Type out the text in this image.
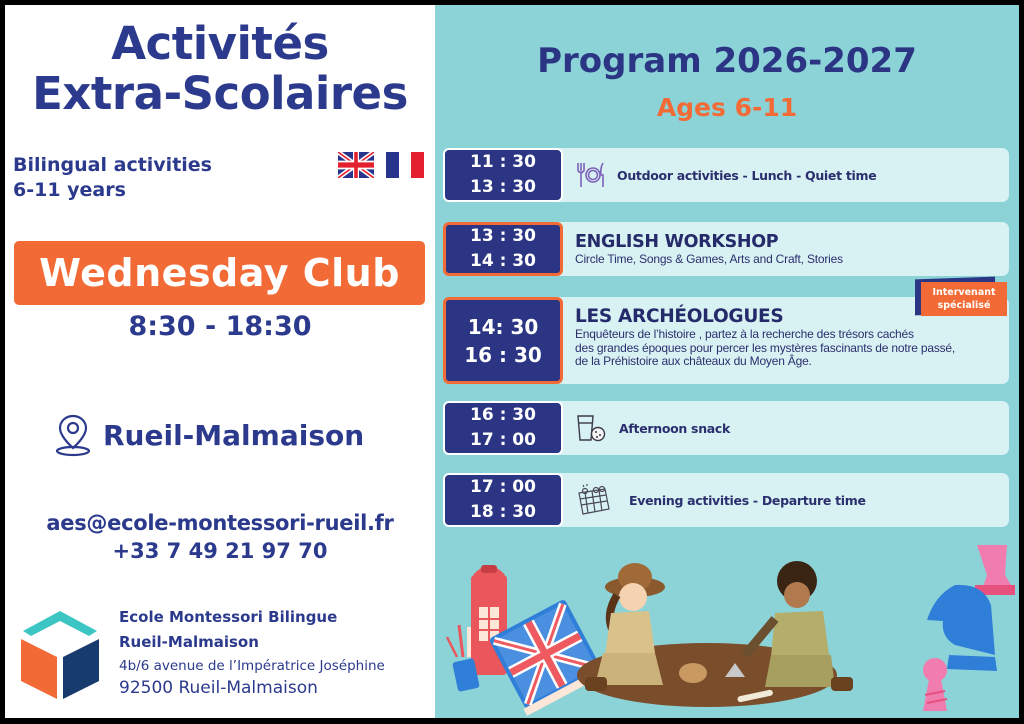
Activités
Extra-Scolaires
Bilingual activities
6-11 years
Wednesday Club
8:30 - 18:30
Rueil-Malmaison
aes@ecole-montessori-rueil.fr
+33 7 49 21 97 70
Ecole Montessori Bilingue
Rueil-Malmaison
4b/6 avenue de l’Impératrice Joséphine
92500 Rueil-Malmaison
Program 2026-2027
Ages 6-11
11 : 30
13 : 30
Outdoor activities - Lunch - Quiet time
13 : 30
14 : 30
ENGLISH WORKSHOP
Circle Time, Songs & Games, Arts and Craft, Stories
14: 30
16 : 30
LES ARCHÉOLOGUES
Enquêteurs de l’histoire , partez à la recherche des trésors cachés
des grandes époques pour percer les mystères fascinants de notre passé,
de la Préhistoire aux châteaux du Moyen Âge.
Intervenant
spécialisé
16 : 30
17 : 00
Afternoon snack
17 : 00
18 : 30
Evening activities - Departure time
